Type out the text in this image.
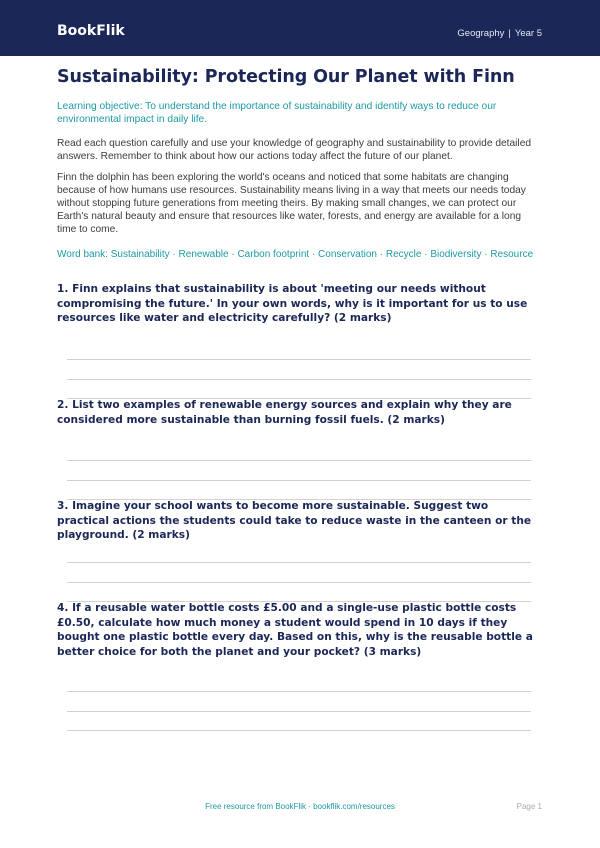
BookFlik	Geography | Year 5
Sustainability: Protecting Our Planet with Finn

Learning objective: To understand the importance of sustainability and identify ways to reduce our environmental impact in daily life.

Read each question carefully and use your knowledge of geography and sustainability to provide detailed answers. Remember to think about how our actions today affect the future of our planet.

Finn the dolphin has been exploring the world's oceans and noticed that some habitats are changing because of how humans use resources. Sustainability means living in a way that meets our needs today without stopping future generations from meeting theirs. By making small changes, we can protect our Earth's natural beauty and ensure that resources like water, forests, and energy are available for a long time to come.

Word bank: Sustainability · Renewable · Carbon footprint · Conservation · Recycle · Biodiversity · Resource

1. Finn explains that sustainability is about 'meeting our needs without compromising the future.' In your own words, why is it important for us to use resources like water and electricity carefully? (2 marks)
2. List two examples of renewable energy sources and explain why they are considered more sustainable than burning fossil fuels. (2 marks)
3. Imagine your school wants to become more sustainable. Suggest two practical actions the students could take to reduce waste in the canteen or the playground. (2 marks)
4. If a reusable water bottle costs £5.00 and a single-use plastic bottle costs £0.50, calculate how much money a student would spend in 10 days if they bought one plastic bottle every day. Based on this, why is the reusable bottle a better choice for both the planet and your pocket? (3 marks)
Free resource from BookFlik · bookflik.com/resources	Page 1
